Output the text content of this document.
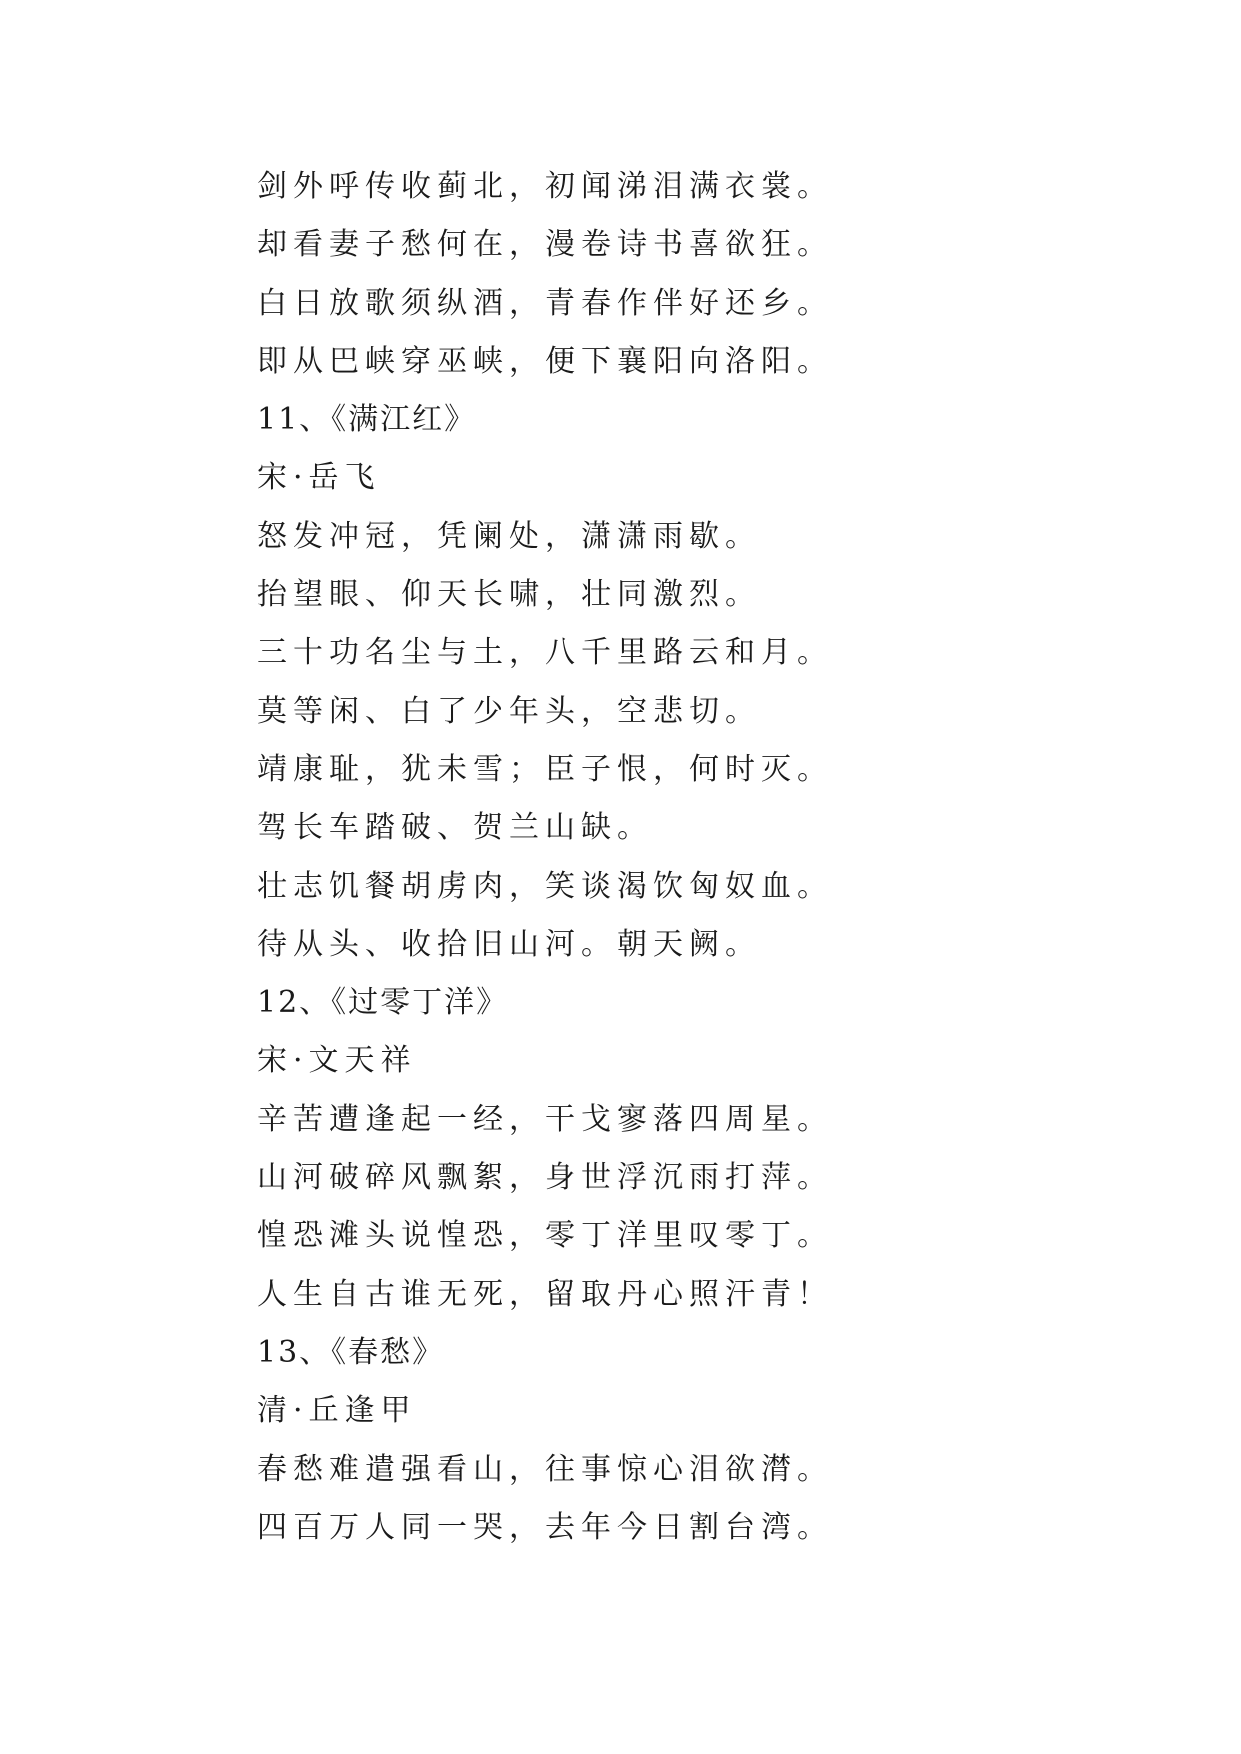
剑外呼传收蓟北，初闻涕泪满衣裳。
却看妻子愁何在，漫卷诗书喜欲狂。
白日放歌须纵酒，青春作伴好还乡。
即从巴峡穿巫峡，便下襄阳向洛阳。
11、《满江红》
宋·岳飞
怒发冲冠，凭阑处，潇潇雨歇。
抬望眼、仰天长啸，壮同激烈。
三十功名尘与土，八千里路云和月。
莫等闲、白了少年头，空悲切。
靖康耻，犹未雪；臣子恨，何时灭。
驾长车踏破、贺兰山缺。
壮志饥餐胡虏肉，笑谈渴饮匈奴血。
待从头、收拾旧山河。朝天阙。
12、《过零丁洋》
宋·文天祥
辛苦遭逢起一经，干戈寥落四周星。
山河破碎风飘絮，身世浮沉雨打萍。
惶恐滩头说惶恐，零丁洋里叹零丁。
人生自古谁无死，留取丹心照汗青！
13、《春愁》
清·丘逢甲
春愁难遣强看山，往事惊心泪欲潸。
四百万人同一哭，去年今日割台湾。
